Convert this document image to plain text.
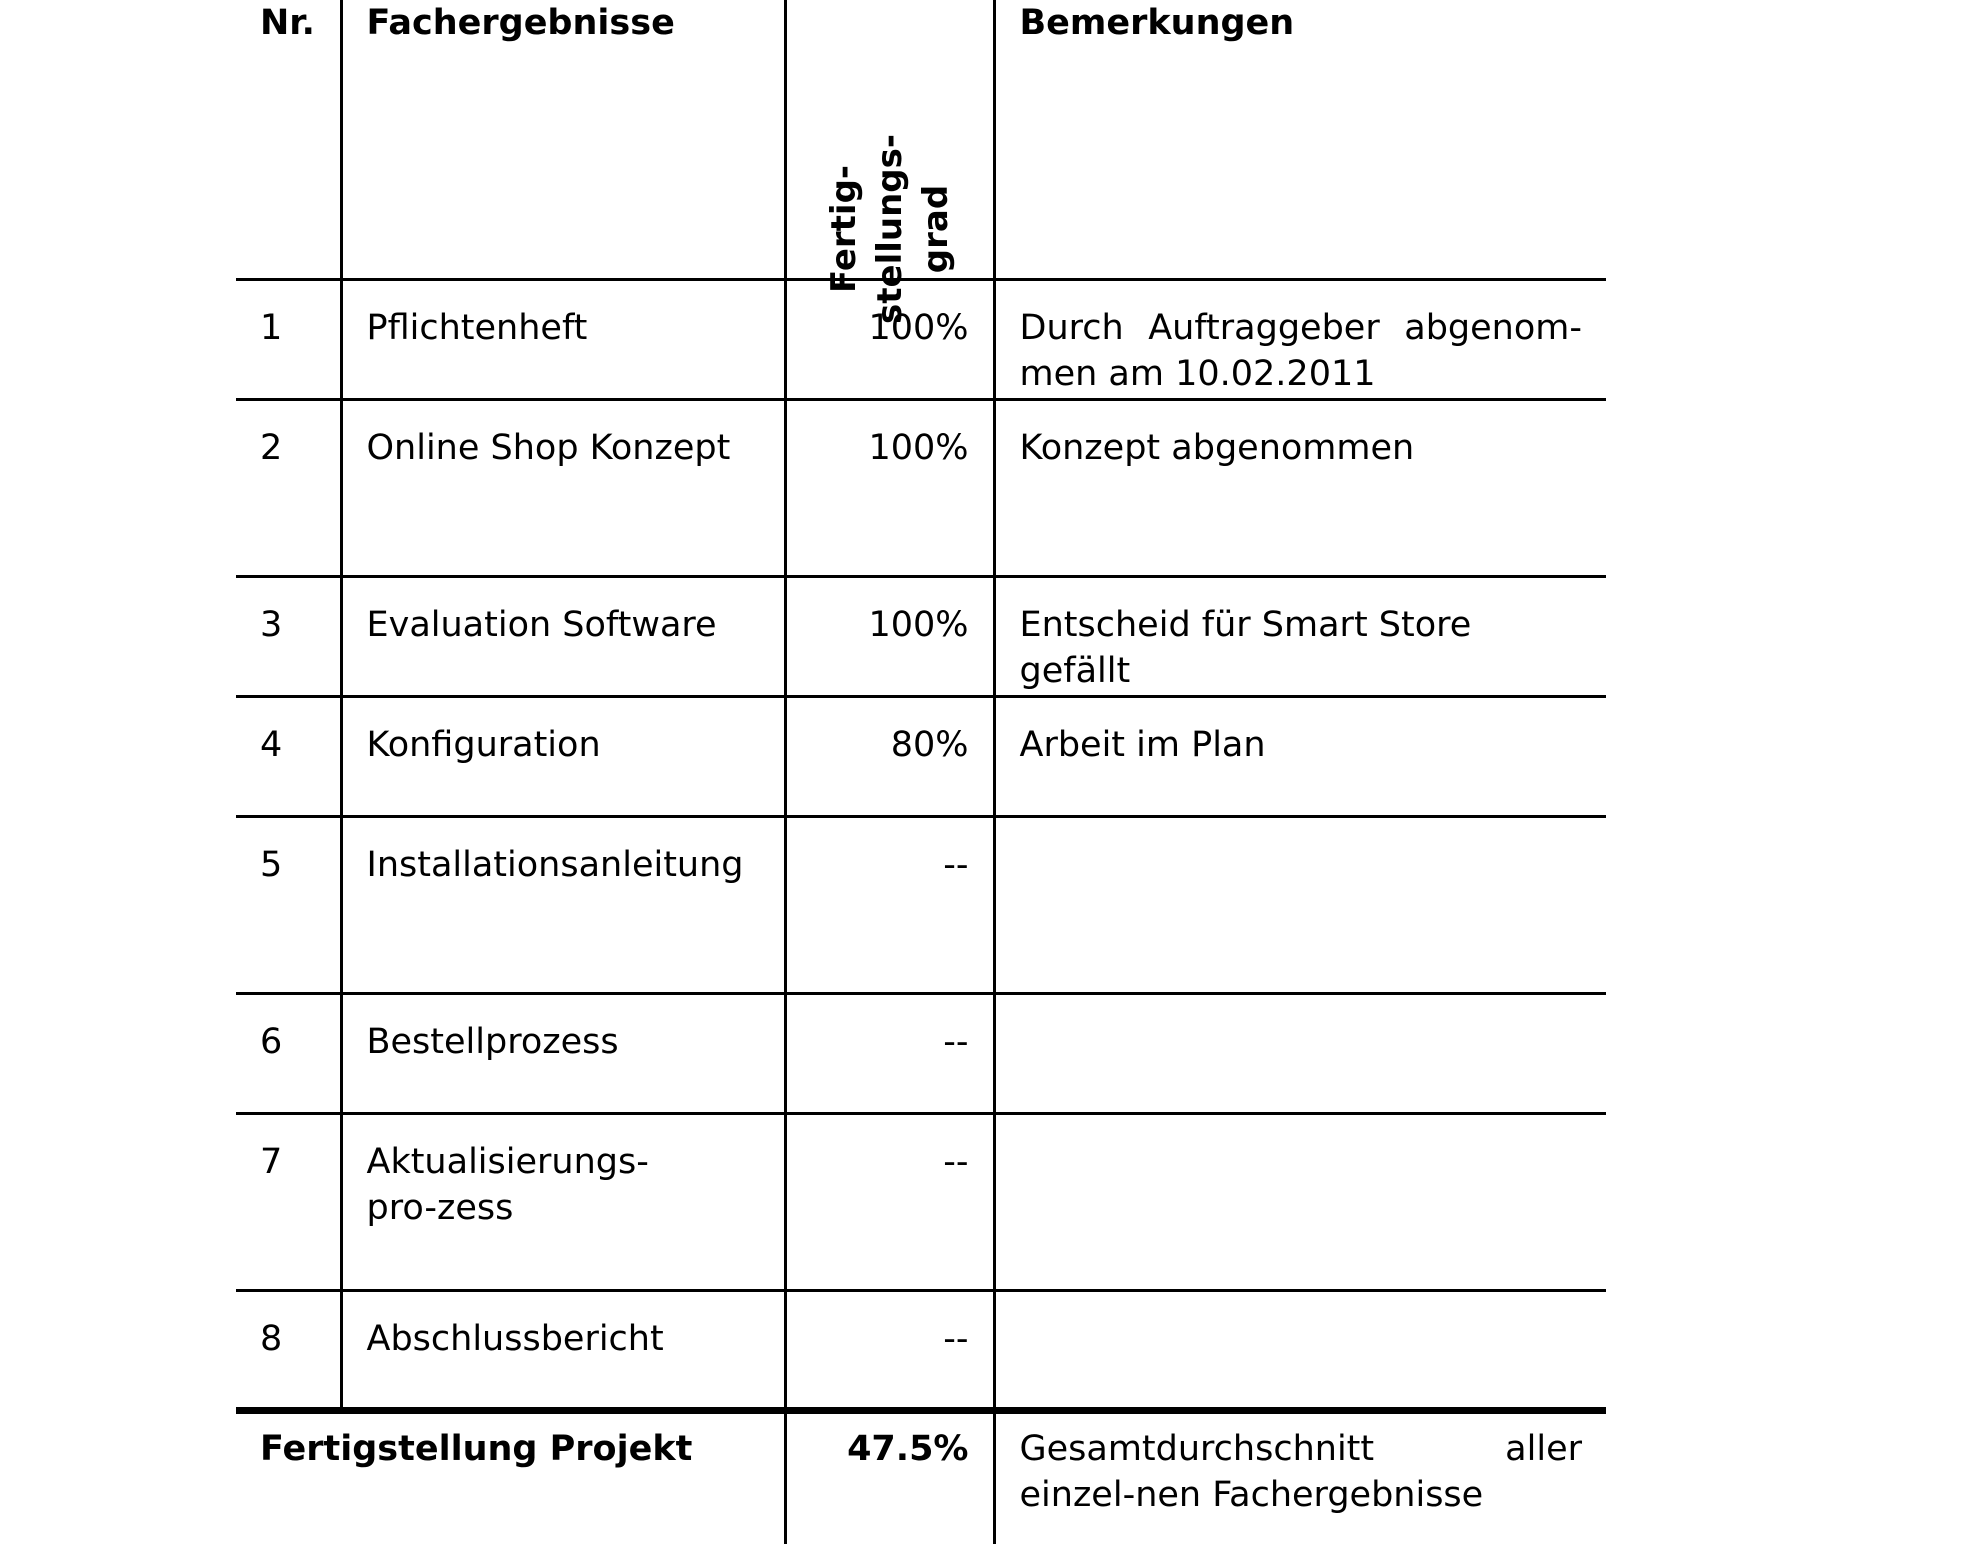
Nr.	Fachergebnisse	Fertig- stellungs- grad	Bemerkungen

1	Pflichtenheft	100%	Durch Auftraggeber abgenom-men am 10.02.2011

2	Online Shop Konzept	100%	Konzept abgenommen

3	Evaluation Software	100%	Entscheid für Smart Store gefällt

4	Konfiguration	80%	Arbeit im Plan

5	Installationsanleitung	--	

6	Bestellprozess	--	

7	Aktualisierungs-pro-zess	--	

8	Abschlussbericht	--	

Fertigstellung Projekt		47.5%	Gesamtdurchschnitt aller einzel-nen Fachergebnisse
